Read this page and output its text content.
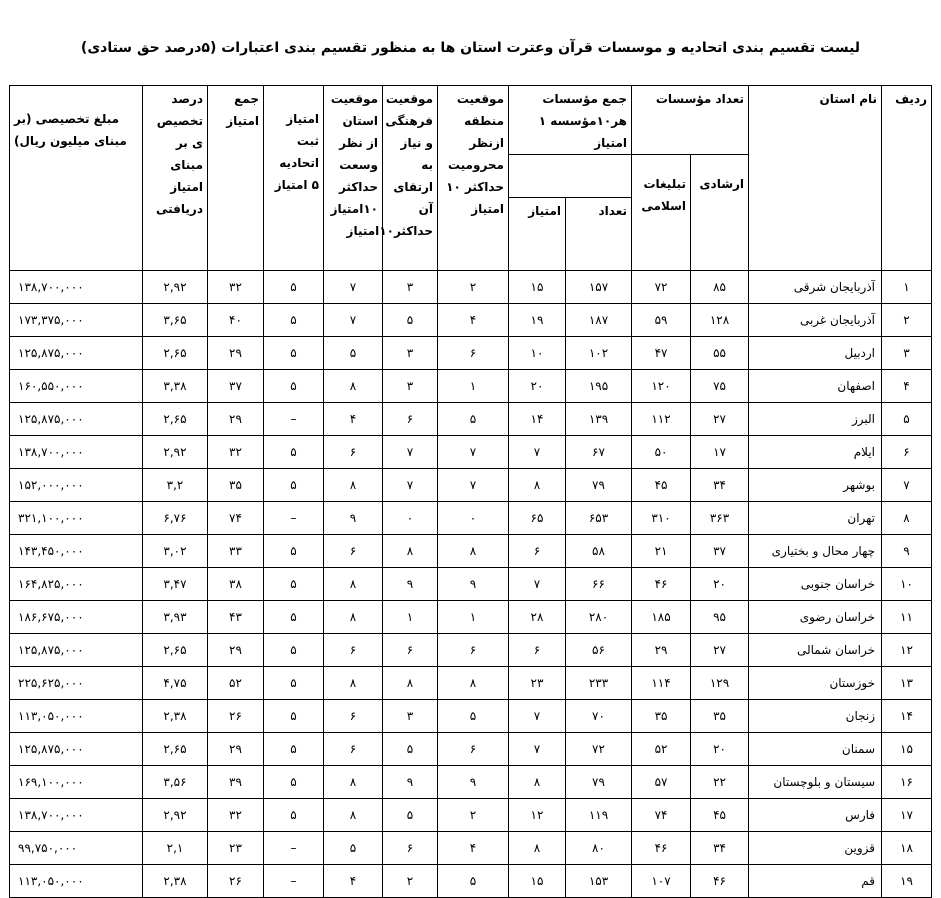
لیست تقسیم بندی اتحادیه و موسسات قرآن وعترت استان ها به منظور تقسیم بندی اعتبارات (۵درصد حق ستادی)
ردیف	نام استان	تعداد مؤسسات		جمع مؤسسات هر۱۰مؤسسه ۱ امتیاز		موقعیت منطقه ازنظر محرومیت حداکثر ۱۰ امتیاز	موقعیت فرهنگی و نیاز به ارتقای آن حداکثر۱۰امتیاز	موقعیت استان از نظر وسعت حداکثر ۱۰امتیاز	امتیاز ثبت اتحادیه ۵ امتیاز	جمع امتیاز	درصد تخصیص ی بر مبنای امتیاز دریافتی	مبلغ تخصیصی (بر مبنای میلیون ریال)
		ارشادی	تبلیغات اسلامی									
				تعداد	امتیاز							
۱	آذربایجان شرقی	۸۵	۷۲	۱۵۷	۱۵	۲	۳	۷	۵	۳۲	۲,۹۲	۱۳۸,۷۰۰,۰۰۰
۲	آذربایجان غربی	۱۲۸	۵۹	۱۸۷	۱۹	۴	۵	۷	۵	۴۰	۳,۶۵	۱۷۳,۳۷۵,۰۰۰
۳	اردبیل	۵۵	۴۷	۱۰۲	۱۰	۶	۳	۵	۵	۲۹	۲,۶۵	۱۲۵,۸۷۵,۰۰۰
۴	اصفهان	۷۵	۱۲۰	۱۹۵	۲۰	۱	۳	۸	۵	۳۷	۳,۳۸	۱۶۰,۵۵۰,۰۰۰
۵	البرز	۲۷	۱۱۲	۱۳۹	۱۴	۵	۶	۴	–	۲۹	۲,۶۵	۱۲۵,۸۷۵,۰۰۰
۶	ایلام	۱۷	۵۰	۶۷	۷	۷	۷	۶	۵	۳۲	۲,۹۲	۱۳۸,۷۰۰,۰۰۰
۷	بوشهر	۳۴	۴۵	۷۹	۸	۷	۷	۸	۵	۳۵	۳,۲	۱۵۲,۰۰۰,۰۰۰
۸	تهران	۳۶۳	۳۱۰	۶۵۳	۶۵	۰	۰	۹	–	۷۴	۶,۷۶	۳۲۱,۱۰۰,۰۰۰
۹	چهار محال و بختیاری	۳۷	۲۱	۵۸	۶	۸	۸	۶	۵	۳۳	۳,۰۲	۱۴۳,۴۵۰,۰۰۰
۱۰	خراسان جنوبی	۲۰	۴۶	۶۶	۷	۹	۹	۸	۵	۳۸	۳,۴۷	۱۶۴,۸۲۵,۰۰۰
۱۱	خراسان رضوی	۹۵	۱۸۵	۲۸۰	۲۸	۱	۱	۸	۵	۴۳	۳,۹۳	۱۸۶,۶۷۵,۰۰۰
۱۲	خراسان شمالی	۲۷	۲۹	۵۶	۶	۶	۶	۶	۵	۲۹	۲,۶۵	۱۲۵,۸۷۵,۰۰۰
۱۳	خوزستان	۱۲۹	۱۱۴	۲۳۳	۲۳	۸	۸	۸	۵	۵۲	۴,۷۵	۲۲۵,۶۲۵,۰۰۰
۱۴	زنجان	۳۵	۳۵	۷۰	۷	۵	۳	۶	۵	۲۶	۲,۳۸	۱۱۳,۰۵۰,۰۰۰
۱۵	سمنان	۲۰	۵۲	۷۲	۷	۶	۵	۶	۵	۲۹	۲,۶۵	۱۲۵,۸۷۵,۰۰۰
۱۶	سیستان و بلوچستان	۲۲	۵۷	۷۹	۸	۹	۹	۸	۵	۳۹	۳,۵۶	۱۶۹,۱۰۰,۰۰۰
۱۷	فارس	۴۵	۷۴	۱۱۹	۱۲	۲	۵	۸	۵	۳۲	۲,۹۲	۱۳۸,۷۰۰,۰۰۰
۱۸	قزوین	۳۴	۴۶	۸۰	۸	۴	۶	۵	–	۲۳	۲,۱	۹۹,۷۵۰,۰۰۰
۱۹	قم	۴۶	۱۰۷	۱۵۳	۱۵	۵	۲	۴	–	۲۶	۲,۳۸	۱۱۳,۰۵۰,۰۰۰
